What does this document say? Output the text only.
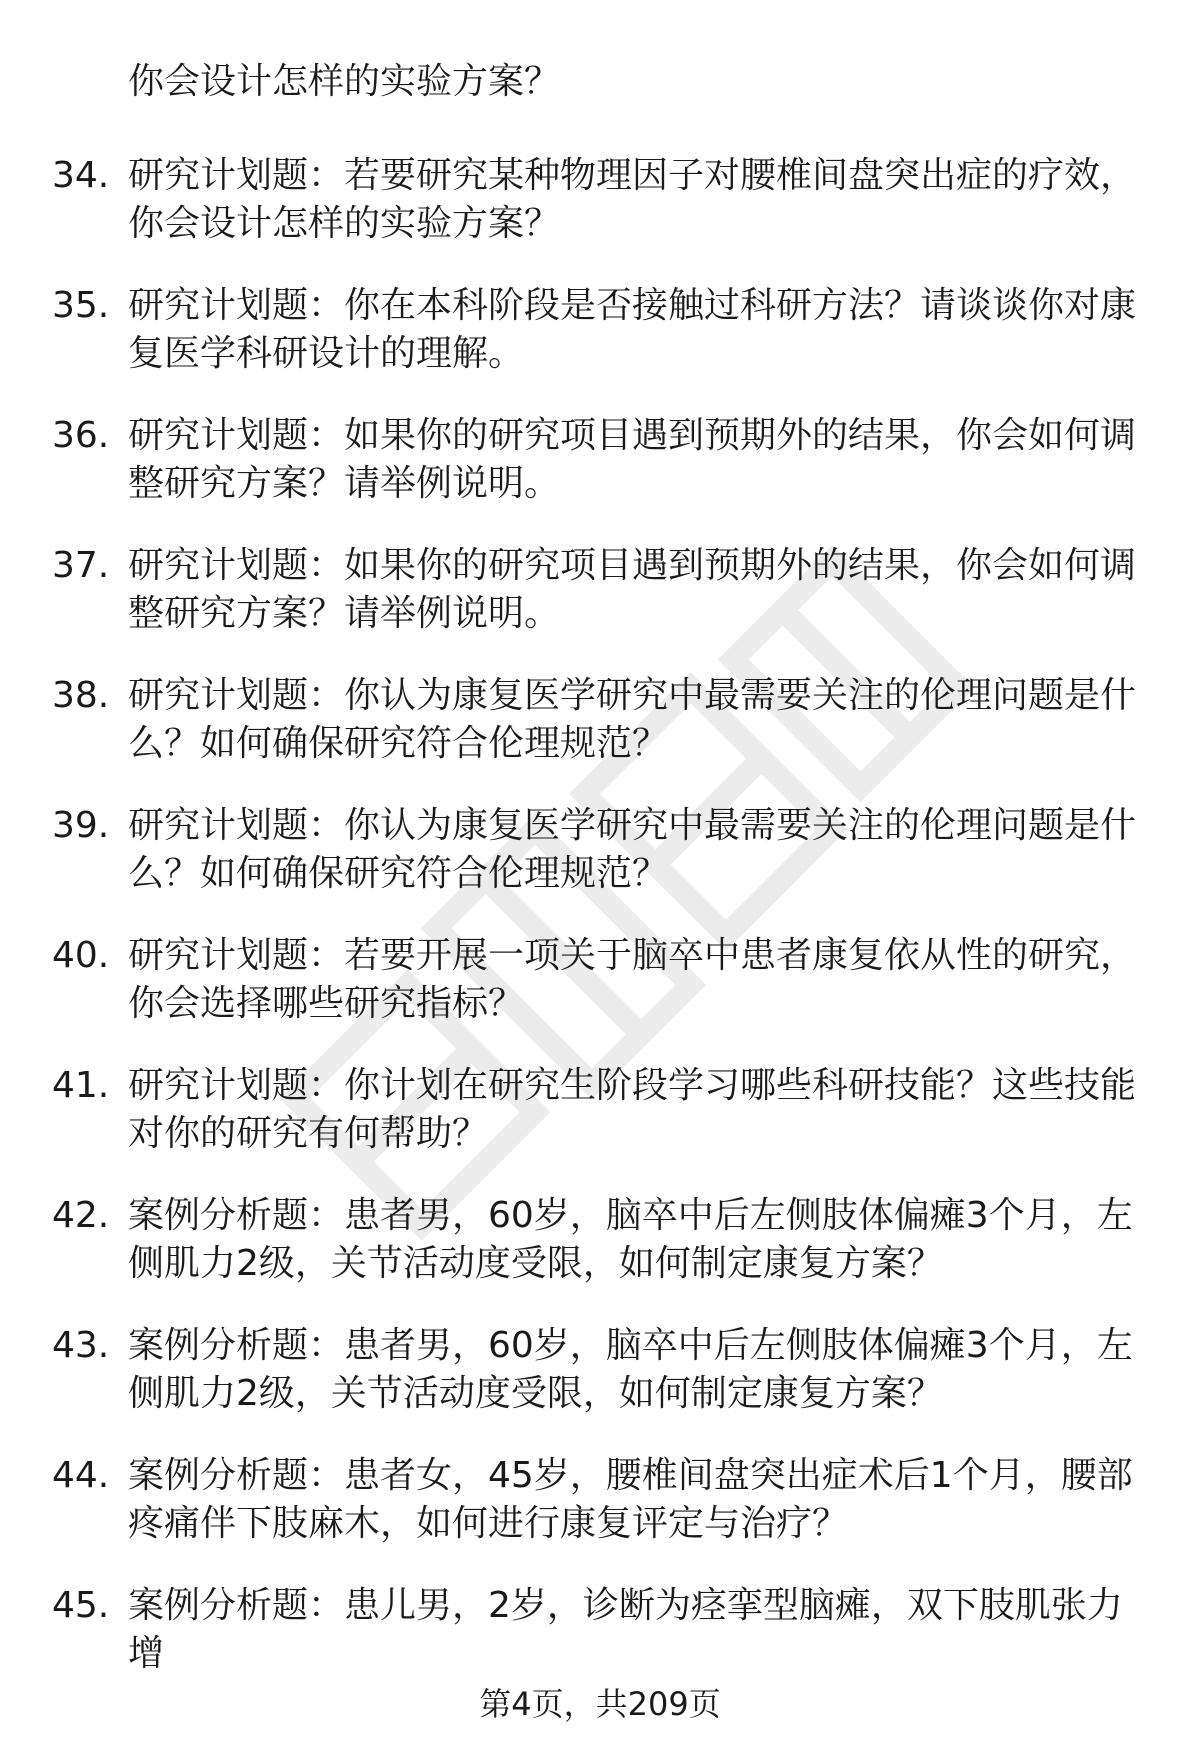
你会设计怎样的实验方案？

34. 研究计划题：若要研究某种物理因子对腰椎间盘突出症的疗效，你会设计怎样的实验方案？

35. 研究计划题：你在本科阶段是否接触过科研方法？请谈谈你对康复医学科研设计的理解。

36. 研究计划题：如果你的研究项目遇到预期外的结果，你会如何调整研究方案？请举例说明。

37. 研究计划题：如果你的研究项目遇到预期外的结果，你会如何调整研究方案？请举例说明。

38. 研究计划题：你认为康复医学研究中最需要关注的伦理问题是什么？如何确保研究符合伦理规范？

39. 研究计划题：你认为康复医学研究中最需要关注的伦理问题是什么？如何确保研究符合伦理规范？

40. 研究计划题：若要开展一项关于脑卒中患者康复依从性的研究，你会选择哪些研究指标？

41. 研究计划题：你计划在研究生阶段学习哪些科研技能？这些技能对你的研究有何帮助？

42. 案例分析题：患者男，60岁，脑卒中后左侧肢体偏瘫3个月，左侧肌力2级，关节活动度受限，如何制定康复方案？

43. 案例分析题：患者男，60岁，脑卒中后左侧肢体偏瘫3个月，左侧肌力2级，关节活动度受限，如何制定康复方案？

44. 案例分析题：患者女，45岁，腰椎间盘突出症术后1个月，腰部疼痛伴下肢麻木，如何进行康复评定与治疗？

45. 案例分析题：患儿男，2岁，诊断为痉挛型脑瘫，双下肢肌张力增

第4页，共209页
